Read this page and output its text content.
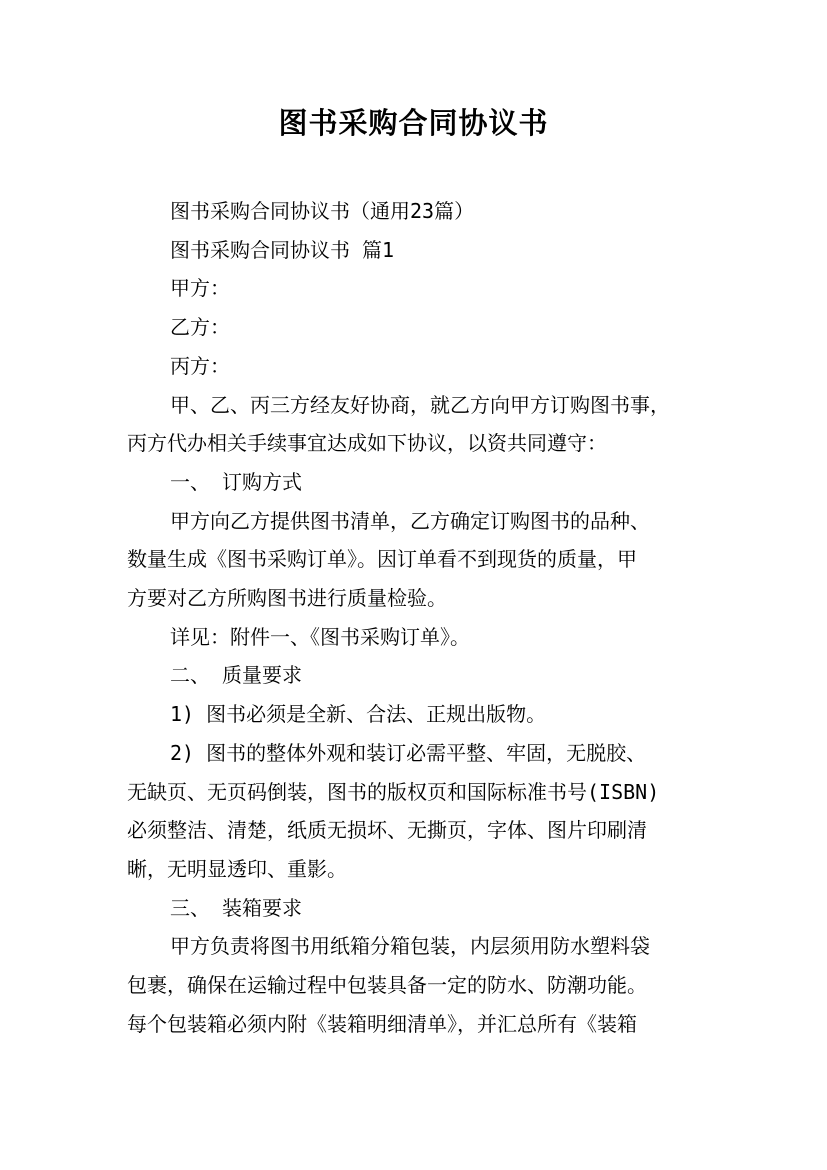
图书采购合同协议书

图书采购合同协议书（通用23篇）

图书采购合同协议书 篇1

甲方：

乙方：

丙方：

甲、乙、丙三方经友好协商，就乙方向甲方订购图书事，

丙方代办相关手续事宜达成如下协议，以资共同遵守：

一、 订购方式

甲方向乙方提供图书清单，乙方确定订购图书的品种、

数量生成《图书采购订单》。因订单看不到现货的质量，甲

方要对乙方所购图书进行质量检验。

详见：附件一、《图书采购订单》。

二、 质量要求

1) 图书必须是全新、合法、正规出版物。

2) 图书的整体外观和装订必需平整、牢固，无脱胶、

无缺页、无页码倒装，图书的版权页和国际标准书号(ISBN)

必须整洁、清楚，纸质无损坏、无撕页，字体、图片印刷清

晰，无明显透印、重影。

三、 装箱要求

甲方负责将图书用纸箱分箱包装，内层须用防水塑料袋

包裹，确保在运输过程中包装具备一定的防水、防潮功能。

每个包装箱必须内附《装箱明细清单》，并汇总所有《装箱
